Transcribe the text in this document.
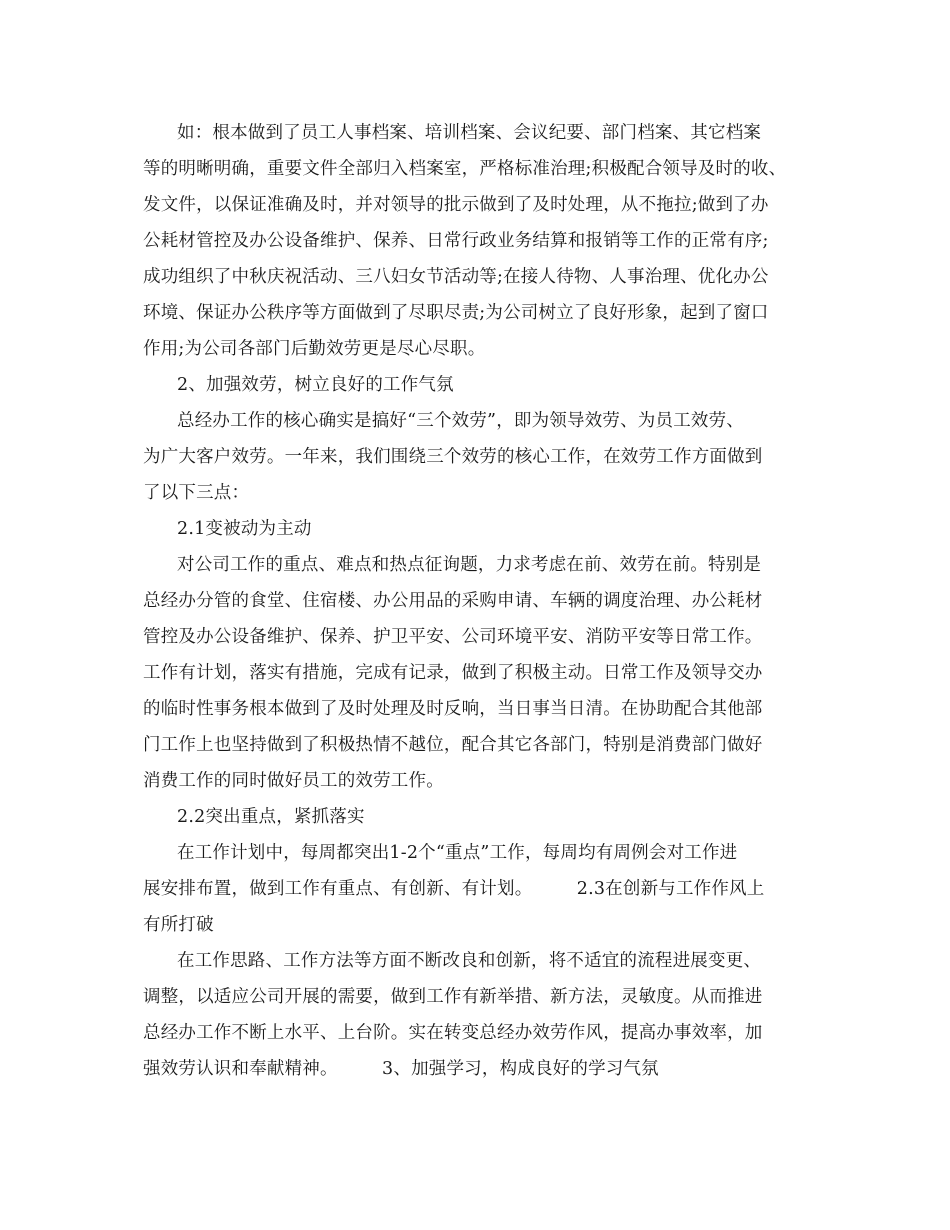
如：根本做到了员工人事档案、培训档案、会议纪要、部门档案、其它档案
等的明晰明确，重要文件全部归入档案室，严格标准治理;积极配合领导及时的收、
发文件，以保证准确及时，并对领导的批示做到了及时处理，从不拖拉;做到了办
公耗材管控及办公设备维护、保养、日常行政业务结算和报销等工作的正常有序;
成功组织了中秋庆祝活动、三八妇女节活动等;在接人待物、人事治理、优化办公
环境、保证办公秩序等方面做到了尽职尽责;为公司树立了良好形象，起到了窗口
作用;为公司各部门后勤效劳更是尽心尽职。
2、加强效劳，树立良好的工作气氛
总经办工作的核心确实是搞好“三个效劳”，即为领导效劳、为员工效劳、
为广大客户效劳。一年来，我们围绕三个效劳的核心工作，在效劳工作方面做到
了以下三点：
2.1变被动为主动
对公司工作的重点、难点和热点征询题，力求考虑在前、效劳在前。特别是
总经办分管的食堂、住宿楼、办公用品的采购申请、车辆的调度治理、办公耗材
管控及办公设备维护、保养、护卫平安、公司环境平安、消防平安等日常工作。
工作有计划，落实有措施，完成有记录，做到了积极主动。日常工作及领导交办
的临时性事务根本做到了及时处理及时反响，当日事当日清。在协助配合其他部
门工作上也坚持做到了积极热情不越位，配合其它各部门，特别是消费部门做好
消费工作的同时做好员工的效劳工作。
2.2突出重点，紧抓落实
在工作计划中，每周都突出1-2个“重点”工作，每周均有周例会对工作进
展安排布置，做到工作有重点、有创新、有计划。　　　2.3在创新与工作作风上
有所打破
在工作思路、工作方法等方面不断改良和创新，将不适宜的流程进展变更、
调整，以适应公司开展的需要，做到工作有新举措、新方法，灵敏度。从而推进
总经办工作不断上水平、上台阶。实在转变总经办效劳作风，提高办事效率，加
强效劳认识和奉献精神。　　　3、加强学习，构成良好的学习气氛
